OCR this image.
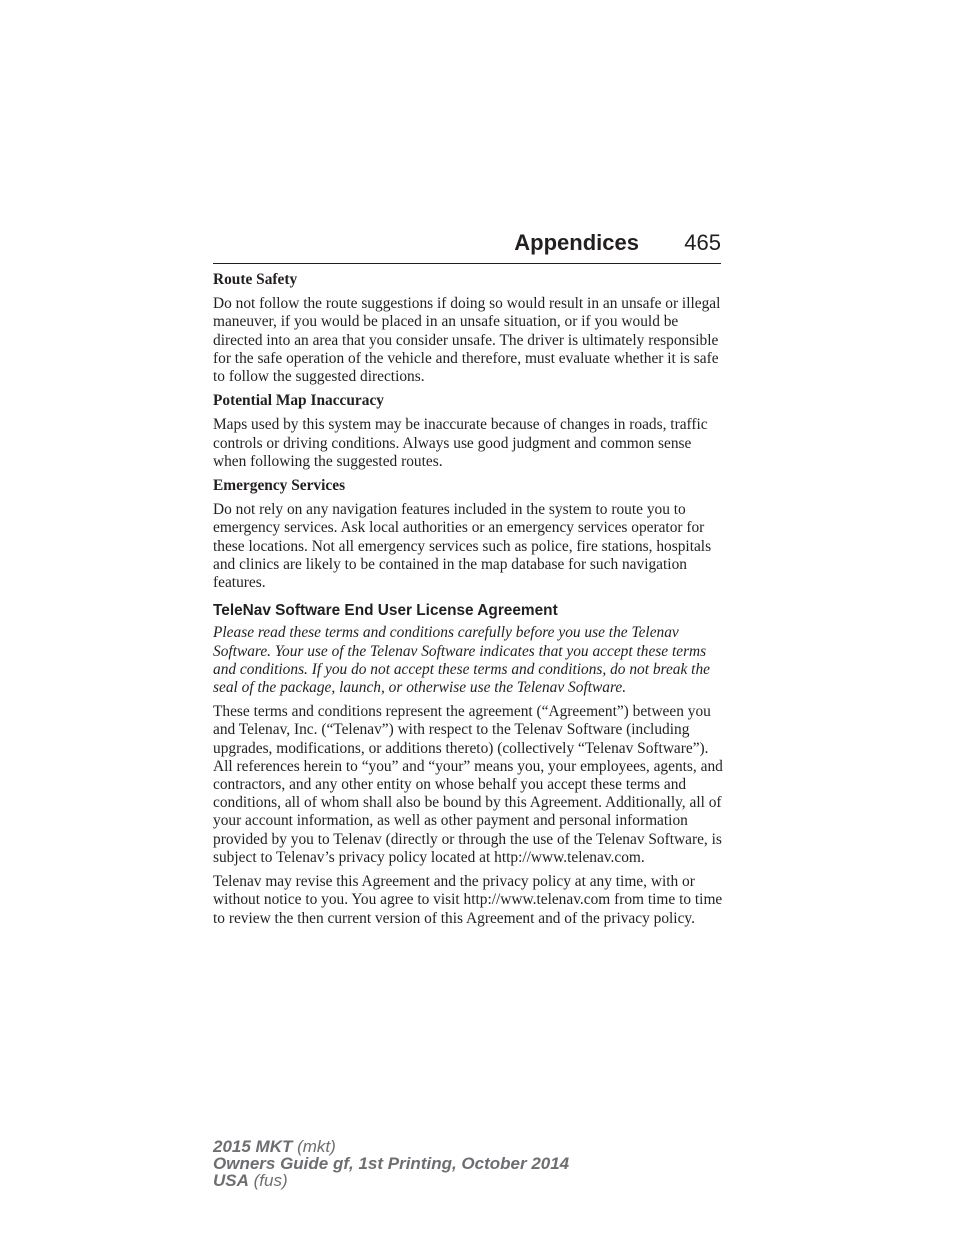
Appendices 465
Route Safety

Do not follow the route suggestions if doing so would result in an unsafe or illegal maneuver, if you would be placed in an unsafe situation, or if you would be directed into an area that you consider unsafe. The driver is ultimately responsible for the safe operation of the vehicle and therefore, must evaluate whether it is safe to follow the suggested directions.

Potential Map Inaccuracy

Maps used by this system may be inaccurate because of changes in roads, traffic controls or driving conditions. Always use good judgment and common sense when following the suggested routes.

Emergency Services

Do not rely on any navigation features included in the system to route you to emergency services. Ask local authorities or an emergency services operator for these locations. Not all emergency services such as police, fire stations, hospitals and clinics are likely to be contained in the map database for such navigation features.

TeleNav Software End User License Agreement

Please read these terms and conditions carefully before you use the Telenav Software. Your use of the Telenav Software indicates that you accept these terms and conditions. If you do not accept these terms and conditions, do not break the seal of the package, launch, or otherwise use the Telenav Software.

These terms and conditions represent the agreement (“Agreement”) between you and Telenav, Inc. (“Telenav”) with respect to the Telenav Software (including upgrades, modifications, or additions thereto) (collectively “Telenav Software”). All references herein to “you” and “your” means you, your employees, agents, and contractors, and any other entity on whose behalf you accept these terms and conditions, all of whom shall also be bound by this Agreement. Additionally, all of your account information, as well as other payment and personal information provided by you to Telenav (directly or through the use of the Telenav Software, is subject to Telenav’s privacy policy located at http://www.telenav.com.

Telenav may revise this Agreement and the privacy policy at any time, with or without notice to you. You agree to visit http://www.telenav.com from time to time to review the then current version of this Agreement and of the privacy policy.

2015 MKT (mkt)
Owners Guide gf, 1st Printing, October 2014
USA (fus)
